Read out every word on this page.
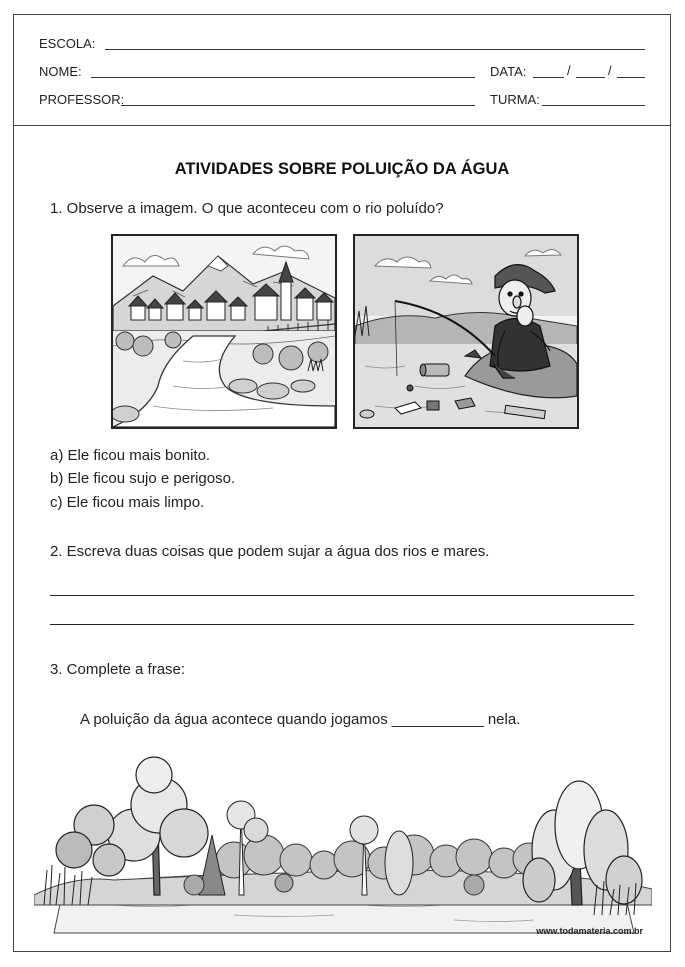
ESCOLA:
NOME:	DATA:	/	/
PROFESSOR:	TURMA:
ATIVIDADES SOBRE POLUIÇÃO DA ÁGUA
1. Observe a imagem. O que aconteceu com o rio poluído?
a) Ele ficou mais bonito.
b) Ele ficou sujo e perigoso.
c) Ele ficou mais limpo.
2. Escreva duas coisas que podem sujar a água dos rios e mares.
3. Complete a frase:
A poluição da água acontece quando jogamos ___________ nela.
www.todamateria.com.br
